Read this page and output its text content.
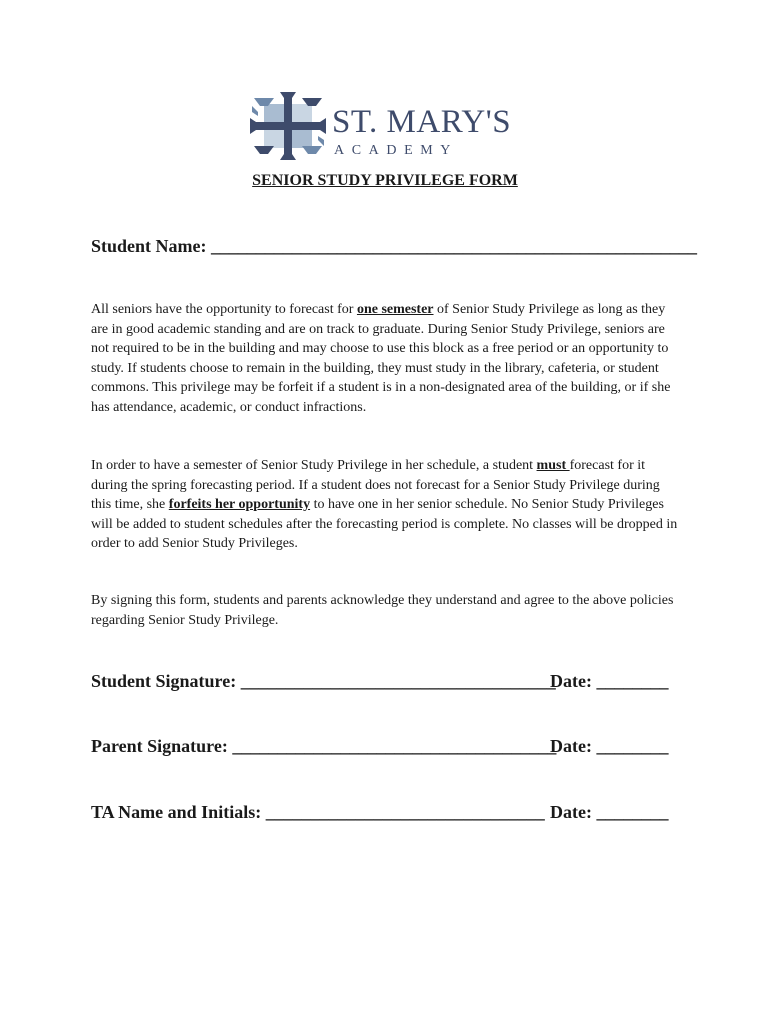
ST. MARY'S
ACADEMY
SENIOR STUDY PRIVILEGE FORM
Student Name: ______________________________________________________

All seniors have the opportunity to forecast for one semester of Senior Study Privilege as long as they are in good academic standing and are on track to graduate. During Senior Study Privilege, seniors are not required to be in the building and may choose to use this block as a free period or an opportunity to study. If students choose to remain in the building, they must study in the library, cafeteria, or student commons. This privilege may be forfeit if a student is in a non-designated area of the building, or if she has attendance, academic, or conduct infractions.

In order to have a semester of Senior Study Privilege in her schedule, a student must forecast for it during the spring forecasting period. If a student does not forecast for a Senior Study Privilege during this time, she forfeits her opportunity to have one in her senior schedule. No Senior Study Privileges will be added to student schedules after the forecasting period is complete. No classes will be dropped in order to add Senior Study Privileges.

By signing this form, students and parents acknowledge they understand and agree to the above policies regarding Senior Study Privilege.

Student Signature: ___________________________________
Date: ________
Parent Signature: ____________________________________
Date: ________
TA Name and Initials: _______________________________ Date: ________
